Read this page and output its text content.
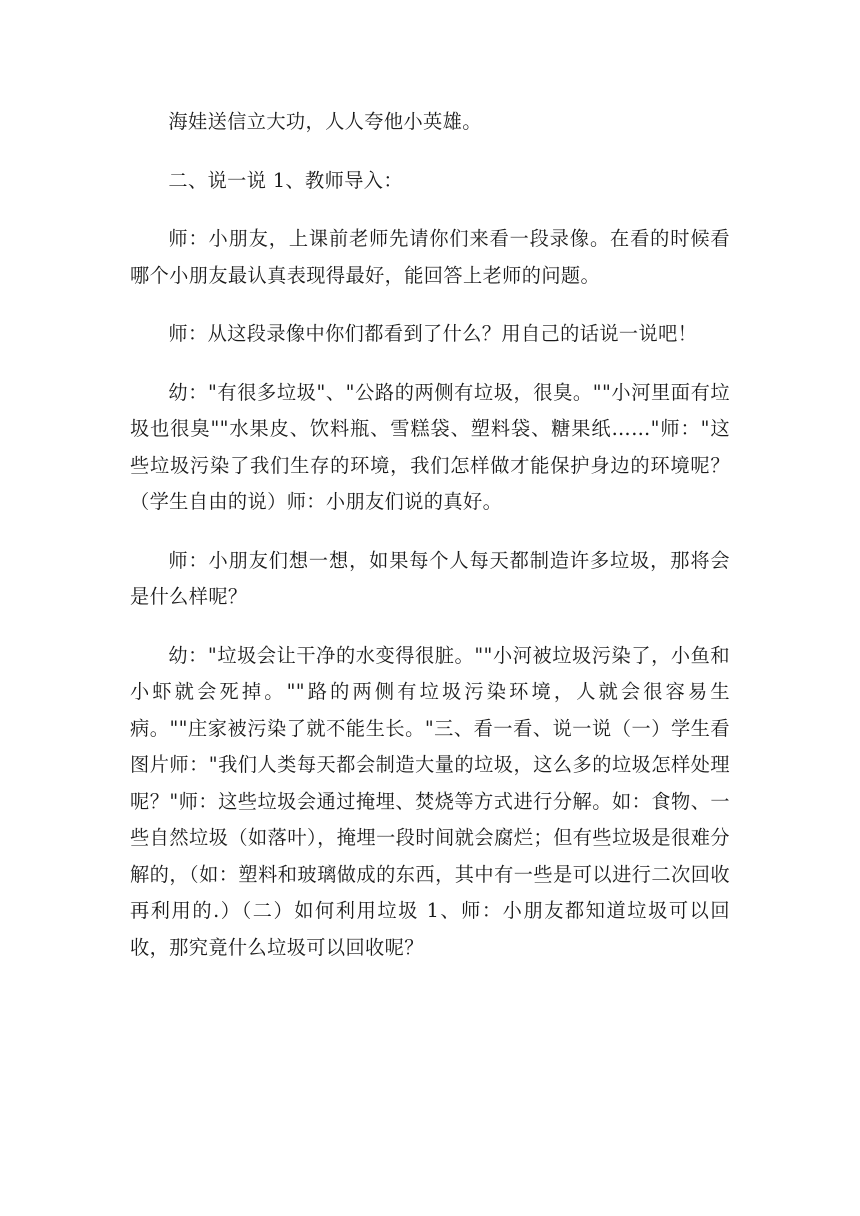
海娃送信立大功，人人夸他小英雄。

二、说一说 1、教师导入：

师：小朋友，上课前老师先请你们来看一段录像。在看的时候看哪个小朋友最认真表现得最好，能回答上老师的问题。

师：从这段录像中你们都看到了什么？用自己的话说一说吧！

幼："有很多垃圾"、"公路的两侧有垃圾，很臭。""小河里面有垃圾也很臭""水果皮、饮料瓶、雪糕袋、塑料袋、糖果纸……"师："这些垃圾污染了我们生存的环境，我们怎样做才能保护身边的环境呢？（学生自由的说）师：小朋友们说的真好。

师：小朋友们想一想，如果每个人每天都制造许多垃圾，那将会是什么样呢？

幼："垃圾会让干净的水变得很脏。""小河被垃圾污染了，小鱼和小虾就会死掉。""路的两侧有垃圾污染环境，人就会很容易生病。""庄家被污染了就不能生长。"三、看一看、说一说（一）学生看图片师："我们人类每天都会制造大量的垃圾，这么多的垃圾怎样处理呢？"师：这些垃圾会通过掩埋、焚烧等方式进行分解。如：食物、一些自然垃圾（如落叶），掩埋一段时间就会腐烂；但有些垃圾是很难分解的，（如：塑料和玻璃做成的东西，其中有一些是可以进行二次回收再利用的.）（二）如何利用垃圾 1、师：小朋友都知道垃圾可以回收，那究竟什么垃圾可以回收呢？
